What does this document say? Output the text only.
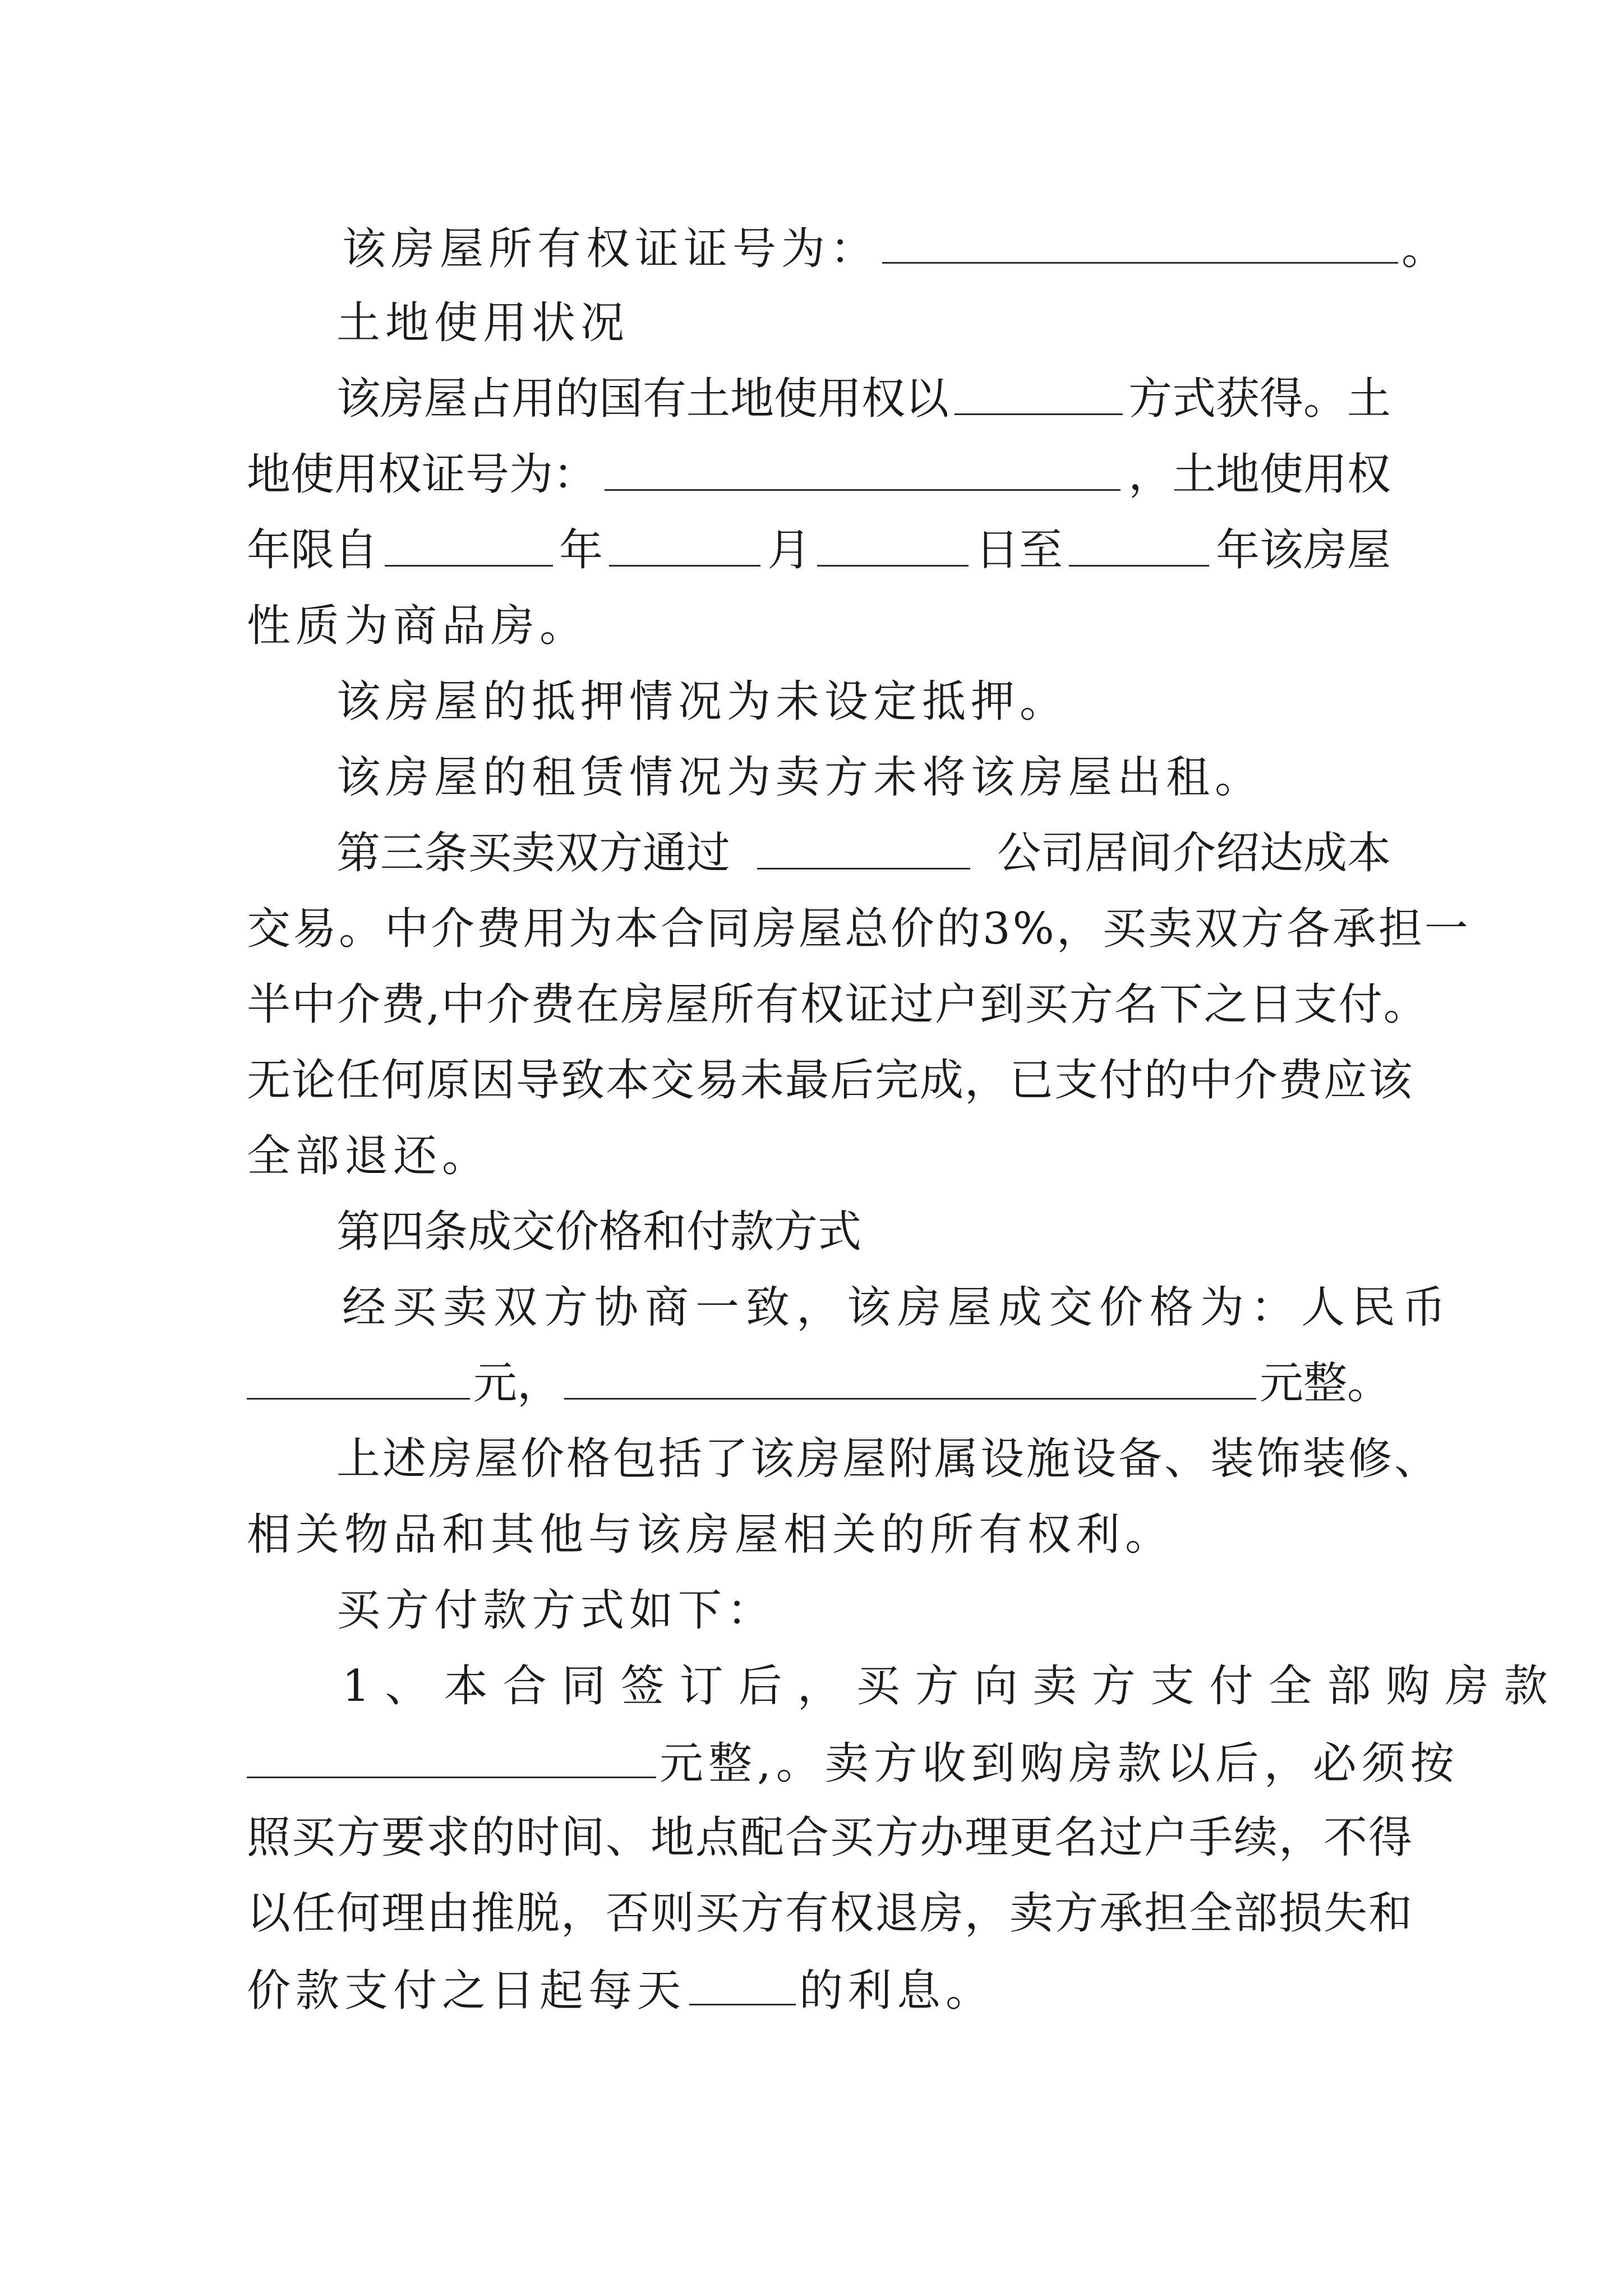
该房屋所有权证证号为：	。
土地使用状况
该房屋占用的国有土地使用权以	方式获得。土
地使用权证号为：	，土地使用权
年限自	年	月	日至	年该房屋
性质为商品房。
该房屋的抵押情况为未设定抵押。
该房屋的租赁情况为卖方未将该房屋出租。
第三条买卖双方通过	公司居间介绍达成本
交易。中介费用为本合同房屋总价的3%，买卖双方各承担一
半中介费,中介费在房屋所有权证过户到买方名下之日支付。
无论任何原因导致本交易未最后完成，已支付的中介费应该
全部退还。
第四条成交价格和付款方式
经买卖双方协商一致，该房屋成交价格为：人民币
元，	元整。
上述房屋价格包括了该房屋附属设施设备、装饰装修、
相关物品和其他与该房屋相关的所有权利。
买方付款方式如下：
1、本合同签订后，买方向卖方支付全部购房款
元整,。卖方收到购房款以后，必须按
照买方要求的时间、地点配合买方办理更名过户手续，不得
以任何理由推脱，否则买方有权退房，卖方承担全部损失和
价款支付之日起每天	的利息。
